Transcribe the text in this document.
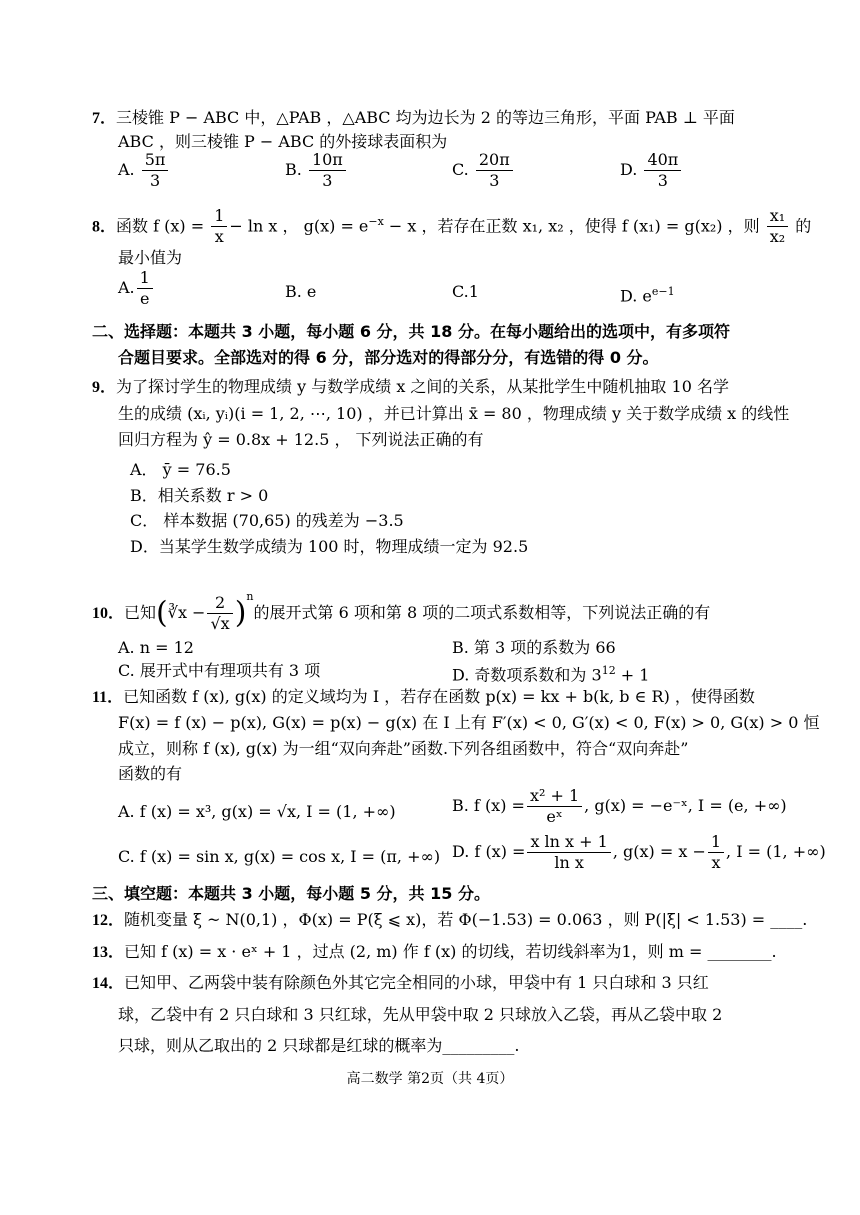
7．三棱锥 P − ABC 中，△PAB ，△ABC 均为边长为 2 的等边三角形，平面 PAB ⊥ 平面
ABC ，则三棱锥 P − ABC 的外接球表面积为
A. $\frac{5\pi}{3}$	B. $\frac{10\pi}{3}$	C. $\frac{20\pi}{3}$	D. $\frac{40\pi}{3}$
8．函数 f $(x) = \frac{1}{x} - \ln x$ ， $g(x) = e^{-x} - x$ ，若存在正数 x₁, x₂ ，使得 f (x₁) = g(x₂) ，则 $\frac{\text{x₁}}{\text{x₂}}$ 的
最小值为
A. $\frac{1}{e}$	B. e	C.1	D. $e^{e-1}$
二、选择题：本题共 3 小题，每小题 6 分，共 18 分。在每小题给出的选项中，有多项符
合题目要求。全部选对的得 6 分，部分选对的得部分分，有选错的得 0 分。
9．为了探讨学生的物理成绩 y 与数学成绩 x 之间的关系，从某批学生中随机抽取 10 名学
生的成绩 (xᵢ, yᵢ)(i = 1, 2, ⋯, 10) ，并已计算出 x̄ = 80 ，物理成绩 y 关于数学成绩 x 的线性
回归方程为 ŷ = 0.8x + 12.5 ， 下列说法正确的有
A． ȳ = 76.5
B．相关系数 r > 0
C． 样本数据 (70,65) 的残差为 −3.5
D．当某学生数学成绩为 100 时，物理成绩一定为 92.5
10．已知(∛x − $\frac{2}{√x} )^n$的展开式第 6 项和第 8 项的二项式系数相等，下列说法正确的有
A. n = 12	B. 第 3 项的系数为 66
C. 展开式中有理项共有 3 项	D. 奇数项系数和为 $3^{12} + 1$
11．已知函数 f (x), g(x) 的定义域均为 I ，若存在函数 p(x) = kx + b(k, b ∈ R) ，使得函数
F(x) = f (x) − p(x), G(x) = p(x) − g(x) 在 I 上有 F′(x) < 0, G′(x) < 0, F(x) > 0, G(x) > 0 恒
成立，则称 f (x), g(x) 为一组“双向奔赴”函数.下列各组函数中，符合“双向奔赴”
函数的有
A. f (x) = x³, g(x) = √x, I = (1, +∞)	B. f $(x) = \frac{\text{x² + 1}}{\text{eˣ}}$ , g(x) = −e⁻ˣ, I = (e, +∞)
C. f (x) = sin x, g(x) = cos x, I = (π, +∞) D. f $(x) = \frac{\text{x ln x + 1}}{\text{ln x}}$ , $g(x) = x - \frac{1}{x}$ , I = (1, +∞)
三、填空题：本题共 3 小题，每小题 5 分，共 15 分。
12．随机变量 ξ ~ N(0,1) ，Φ(x) = P(ξ ⩽ x)，若 Φ(−1.53) = 0.063 ，则 P(|ξ| < 1.53) = ____.
13．已知 f (x) = x · eˣ + 1 ，过点 (2, m) 作 f (x) 的切线，若切线斜率为1，则 m = ________.
14．已知甲、乙两袋中装有除颜色外其它完全相同的小球，甲袋中有 1 只白球和 3 只红
球，乙袋中有 2 只白球和 3 只红球，先从甲袋中取 2 只球放入乙袋，再从乙袋中取 2
只球，则从乙取出的 2 只球都是红球的概率为_________.
高二数学 第2页（共 4页）
